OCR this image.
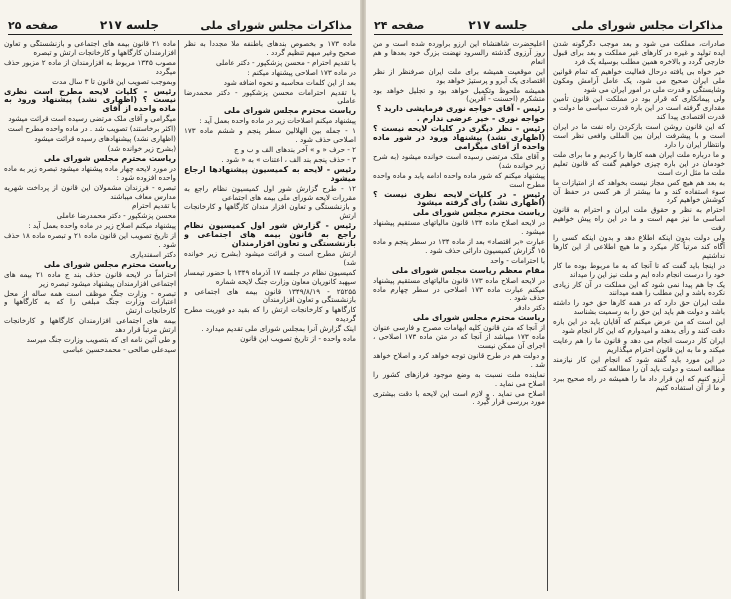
مذاکرات مجلس شورای ملی
جلسه ۲۱۷
صفحه ۲۴

صادرات، مملکت می شود و بعد موجب دگرگونه شدن ایده تولید و غیره در کارهای غیر مملکت و بعد برای قبول خارجی گردد و بالاخره همین مطلب بوسیله یک فرد

خیر خواه بی یافته درحال فعالیت خواهیم که تمام قوانین ملی ایران صحیح می شود، یک عامل آرامش ومکون وشایستگی و قدرت ملی در امور ایران می شود

ولی پیمانکاری که قرار بود در مملکت این قانون تأمین مقداری گرفته است در این باره قدرت سیاسی ما دولت و قدرت اقتصادی پیدا کند

که این قانون روشن است بازکردن راه نفت ما در ایران است و با پیشرفت ایران بین المللی وافعی نظر است وانتظار ایران را دارد

و ما درباره ملت ایران همه کارها را کردیم و ما برای ملت خودمان در این باره چیزی خواهیم گفت که قانون تعلیم ملت ما مثل ارث است

به بعد هم هیچ کس مجاز نیست بخواهد که از امتیازات ما سوء استفاده کند و ما بیشتر از هر کسی در حفظ آن کوشش خواهیم کرد

احترام به نظر و حقوق ملت ایران و احترام به قانون اساسی ما نیز مهم است و ما در این راه پیش خواهیم رفت

ولی دولت بدون اینکه اطلاع دهد و بدون اینکه کسی را آگاه کند مرتباً کار میکرد و ما هیچ اطلاعی از این کارها نداشتیم

در اینجا باید گفت که تا آنجا که به ما مربوط بوده ما کار خود را درست انجام داده ایم و ملت نیز این را میداند

یک جا هم پیدا نمی شود که این مملکت در آن کار زیادی نکرده باشد و این مطلب را همه میدانند

ملت ایران حق دارد که در همه کارها حق خود را داشته باشد و دولت هم باید این حق را به رسمیت بشناسد

این است که من عرض میکنم که آقایان باید در این باره دقت کنند و رأی بدهند و امیدوارم که این کار انجام شود

ایران کار درست انجام می دهد و قانون ما را هم رعایت میکند و ما به این قانون احترام میگذاریم

در این مورد باید گفته شود که انجام این کار نیازمند مطالعه است و دولت باید آن را مطالعه کند

آرزو کنیم که این قرار داد ما را همیشه در راه صحیح ببرد و ما از آن استفاده کنیم

اعلیحضرت شاهنشاه این آرزو برآورده شده است و من روز آرزوی گذشته رالسرود نهضت بزرگ خود بعدها و هم انعام

این موقعیت همیشه برای ملت ایران صرفنظر از نظر اقتصادی یک آبرو و پرستیژ خواهد بود

همیشه ملحوظ وتکمیل خواهد بود و تجلیل خواهد بود متشکرم (احسنت - آفرین)

رئیس - آقای خواجه نوری فرمایشی دارید ؟

خواجه نوری - خیر عرضی ندارم .

رئیس - نظر دیگری در کلیات لایحه نیست ؟ (اظهاری نشد) پیشنهاد ورود در شور ماده واحده از آقای میگرامی

و آقای ملک مرتضی رسیده است خوانده میشود (به شرح زیر خوانده شد)

پیشنهاد میکنم که شور ماده واحده ادامه یابد و ماده واحده مطرح است

رئیس - در کلیات لایحه نظری نیست ؟ (اظهاری نشد) رأی گرفته میشود

ریاست محترم مجلس شورای ملی

در لایحه اصلاح ماده ۱۳۴ قانون مالیاتهای مستقیم پیشنهاد میشود .

عبارت «بر اقتصاد» بعد از ماده ۱۳۴ در سطر پنجم و ماده ۱۵ گزارش کمیسیون دارائی حذف شود .

با احترامات - واحد

مقام معظم ریاست مجلس شورای ملی

در لایحه اصلاح ماده ۱۷۳ قانون مالیاتهای مستقیم پیشنهاد میکنم عبارت ماده ۱۷۳ اصلاحی در سطر چهارم ماده حذف شود .

دکتر دادفر

ریاست محترم مجلس شورای ملی

از آنجا که متن قانون کلیه ابهامات مصرح و فارسی عنوان ماده ۱۷۳ میباشد از آنجا که در متن ماده ۱۷۳ اصلاحی ، اجرای آن ممکن نیست

و دولت هم در طرح قانون توجه خواهد کرد و اصلاح خواهد شد .

نماینده ملت نسبت به وضع موجود فرازهای کشور را اصلاح می نماید .

اصلاح می نماید . و لازم است این لایحه با دقت بیشتری مورد بررسی قرار گیرد .

مذاکرات مجلس شورای ملی
جلسه ۲۱۷
صفحه ۲۵

ماده ۱۷۳ و بخصوص بندهای باطنفه ملا مجدداً به نظر صحیح وغیر مبهم تنظیم گردد .

با تقدیم احترام - محسن پزشکپور - دکتر عاملی

در ماده ۱۷۳ اصلاحی پیشنهاد میکنم :

بعد از این کلمات محاسبه و نحوه اضافه شود

با تقدیم احترامات محسن پزشکپور - دکتر محمدرضا عاملی

ریاست محترم مجلس شورای ملی

پیشنهاد میکنم اصلاحات زیر در ماده واحده بعمل آید :

۱ - جمله بین الهلالین سطر پنجم و ششم ماده ۱۷۳ اصلاحی حذف شود .

۲ - حرف « و » آخر بندهای الف و ب و ج

۳ - حذف پنجم بند الف ، اعتنات » به « شود .

رئیس - لایحه به کمیسیون پیشنهادها ارجاع میشود

۱۲ - طرح گزارش شور اول کمیسیون نظام راجع به مقررات لایحه شورای ملی بیمه های اجتماعی

و بازنشستگی و تعاون افزار مندان کارگاهها و کارخانجات ارتش

رئیس - گزارش شور اول کمیسیون نظام راجع به قانون بیمه های اجتماعی و بازنشستگی و تعاون افزارمندان

ارتش مطرح است و قرائت میشود (بشرح زیر خوانده شد)

کمیسیون نظام در جلسه ۱۷ آذرماه ۱۳۴۹ با حضور تیمسار سپهبد کانوریان معاون وزارت جنگ لایحه شماره

۲۵۲۵۵ - ۱۳۴۹/۸/۱۹ قانون بیمه های اجتماعی و بازنشستگی و تعاون افزارمندان

کارگاهها و کارخانجات ارتش را که بقید دو فوریت مطرح گردیده

اینک گزارش آنرا بمجلس شورای ملی تقدیم میدارد .

ماده واحده - از تاریخ تصویب این قانون

ماده ۲۱ قانون بیمه های اجتماعی و بازنشستگی و تعاون افزارمندان کارگاهها و کارخانجات ارتش و تبصره

مصوب ۱۳۴۵ مربوط به افزارمندان از ماده ۲ مزبور حذف میگردد

وبموجب تصویب این قانون تا ۳ سال مدت

رئیس - کلیات لایحه مطرح است نظری نیست ؟ (اظهاری نشد) پیشنهاد ورود به ماده واحده از آقای

میگرامی و آقای ملک مرتضی رسیده است قرائت میشود

(اکثر برخاستند) تصویب شد . در ماده واحده مطرح است

(اظهاری نشد) پیشنهادهای رسیده قرائت میشود

(بشرح زیر خوانده شد)

ریاست محترم مجلس شورای ملی

در مورد لایحه چهار ماده پیشنهاد میشود تبصره زیر به ماده واحده افزوده شود :

تبصره - فرزندان مشمولان این قانون از پرداخت شهریه مدارس معاف میباشند

با تقدیم احترام

محسن پزشکپور - دکتر محمدرضا عاملی

پیشنهاد میکنم اصلاح زیر در ماده واحده بعمل آید :

از تاریخ تصویب این قانون ماده ۲۱ و تبصره ماده ۱۸ حذف شود .

دکتر اسفندیاری

ریاست محترم مجلس شورای ملی

احتراماً در لایحه قانون حذف بند ج ماده ۲۱ بیمه های اجتماعی افزارمندان پیشنهاد میشود تبصره زیر

تبصره - وزارت جنگ موظف است همه ساله از محل اعتبارات وزارت جنگ مبلغی را که به کارگاهها و کارخانجات ارتش

بیمه های اجتماعی افزارمندان کارگاهها و کارخانجات ارتش مرتباً قرار دهد

و طی آئین نامه ای که بتصویب وزارت جنگ میرسد

سیدعلی صالحی - محمدحسین عباسی
